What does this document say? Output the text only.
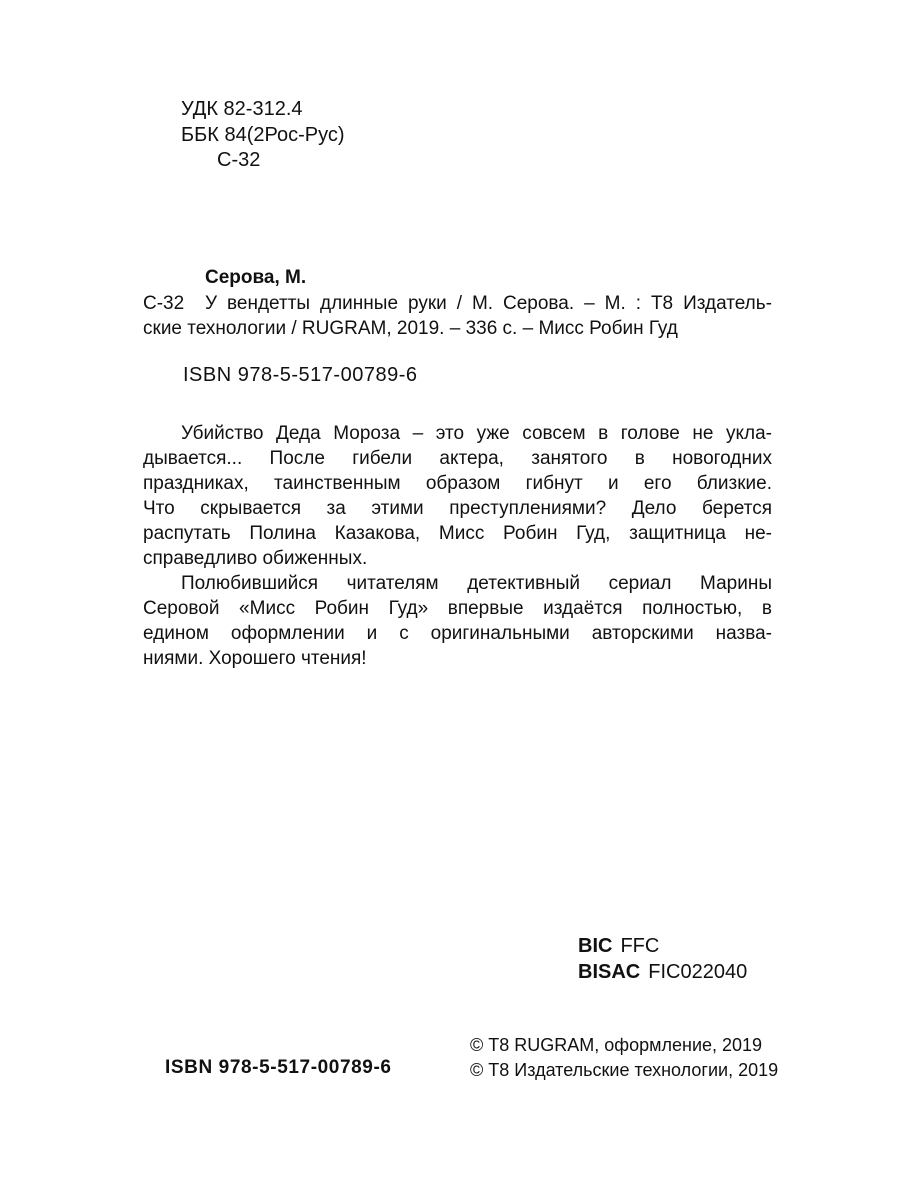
УДК 82-312.4
ББК 84(2Рос-Рус)
С-32
Серова, М.
С-32 У вендетты длинные руки / М. Серова. – М. : Т8 Издатель-
ские технологии / RUGRAM, 2019. – 336 с. – Мисс Робин Гуд
ISBN 978-5-517-00789-6
Убийство Деда Мороза – это уже совсем в голове не укла-
дывается... После гибели актера, занятого в новогодних
праздниках, таинственным образом гибнут и его близкие.
Что скрывается за этими преступлениями? Дело берется
распутать Полина Казакова, Мисс Робин Гуд, защитница не-
справедливо обиженных.
Полюбившийся читателям детективный сериал Марины
Серовой «Мисс Робин Гуд» впервые издаётся полностью, в
едином оформлении и с оригинальными авторскими назва-
ниями. Хорошего чтения!
BIC FFC
BISAC FIC022040
ISBN 978-5-517-00789-6
© Т8 RUGRAM, оформление, 2019
© Т8 Издательские технологии, 2019
